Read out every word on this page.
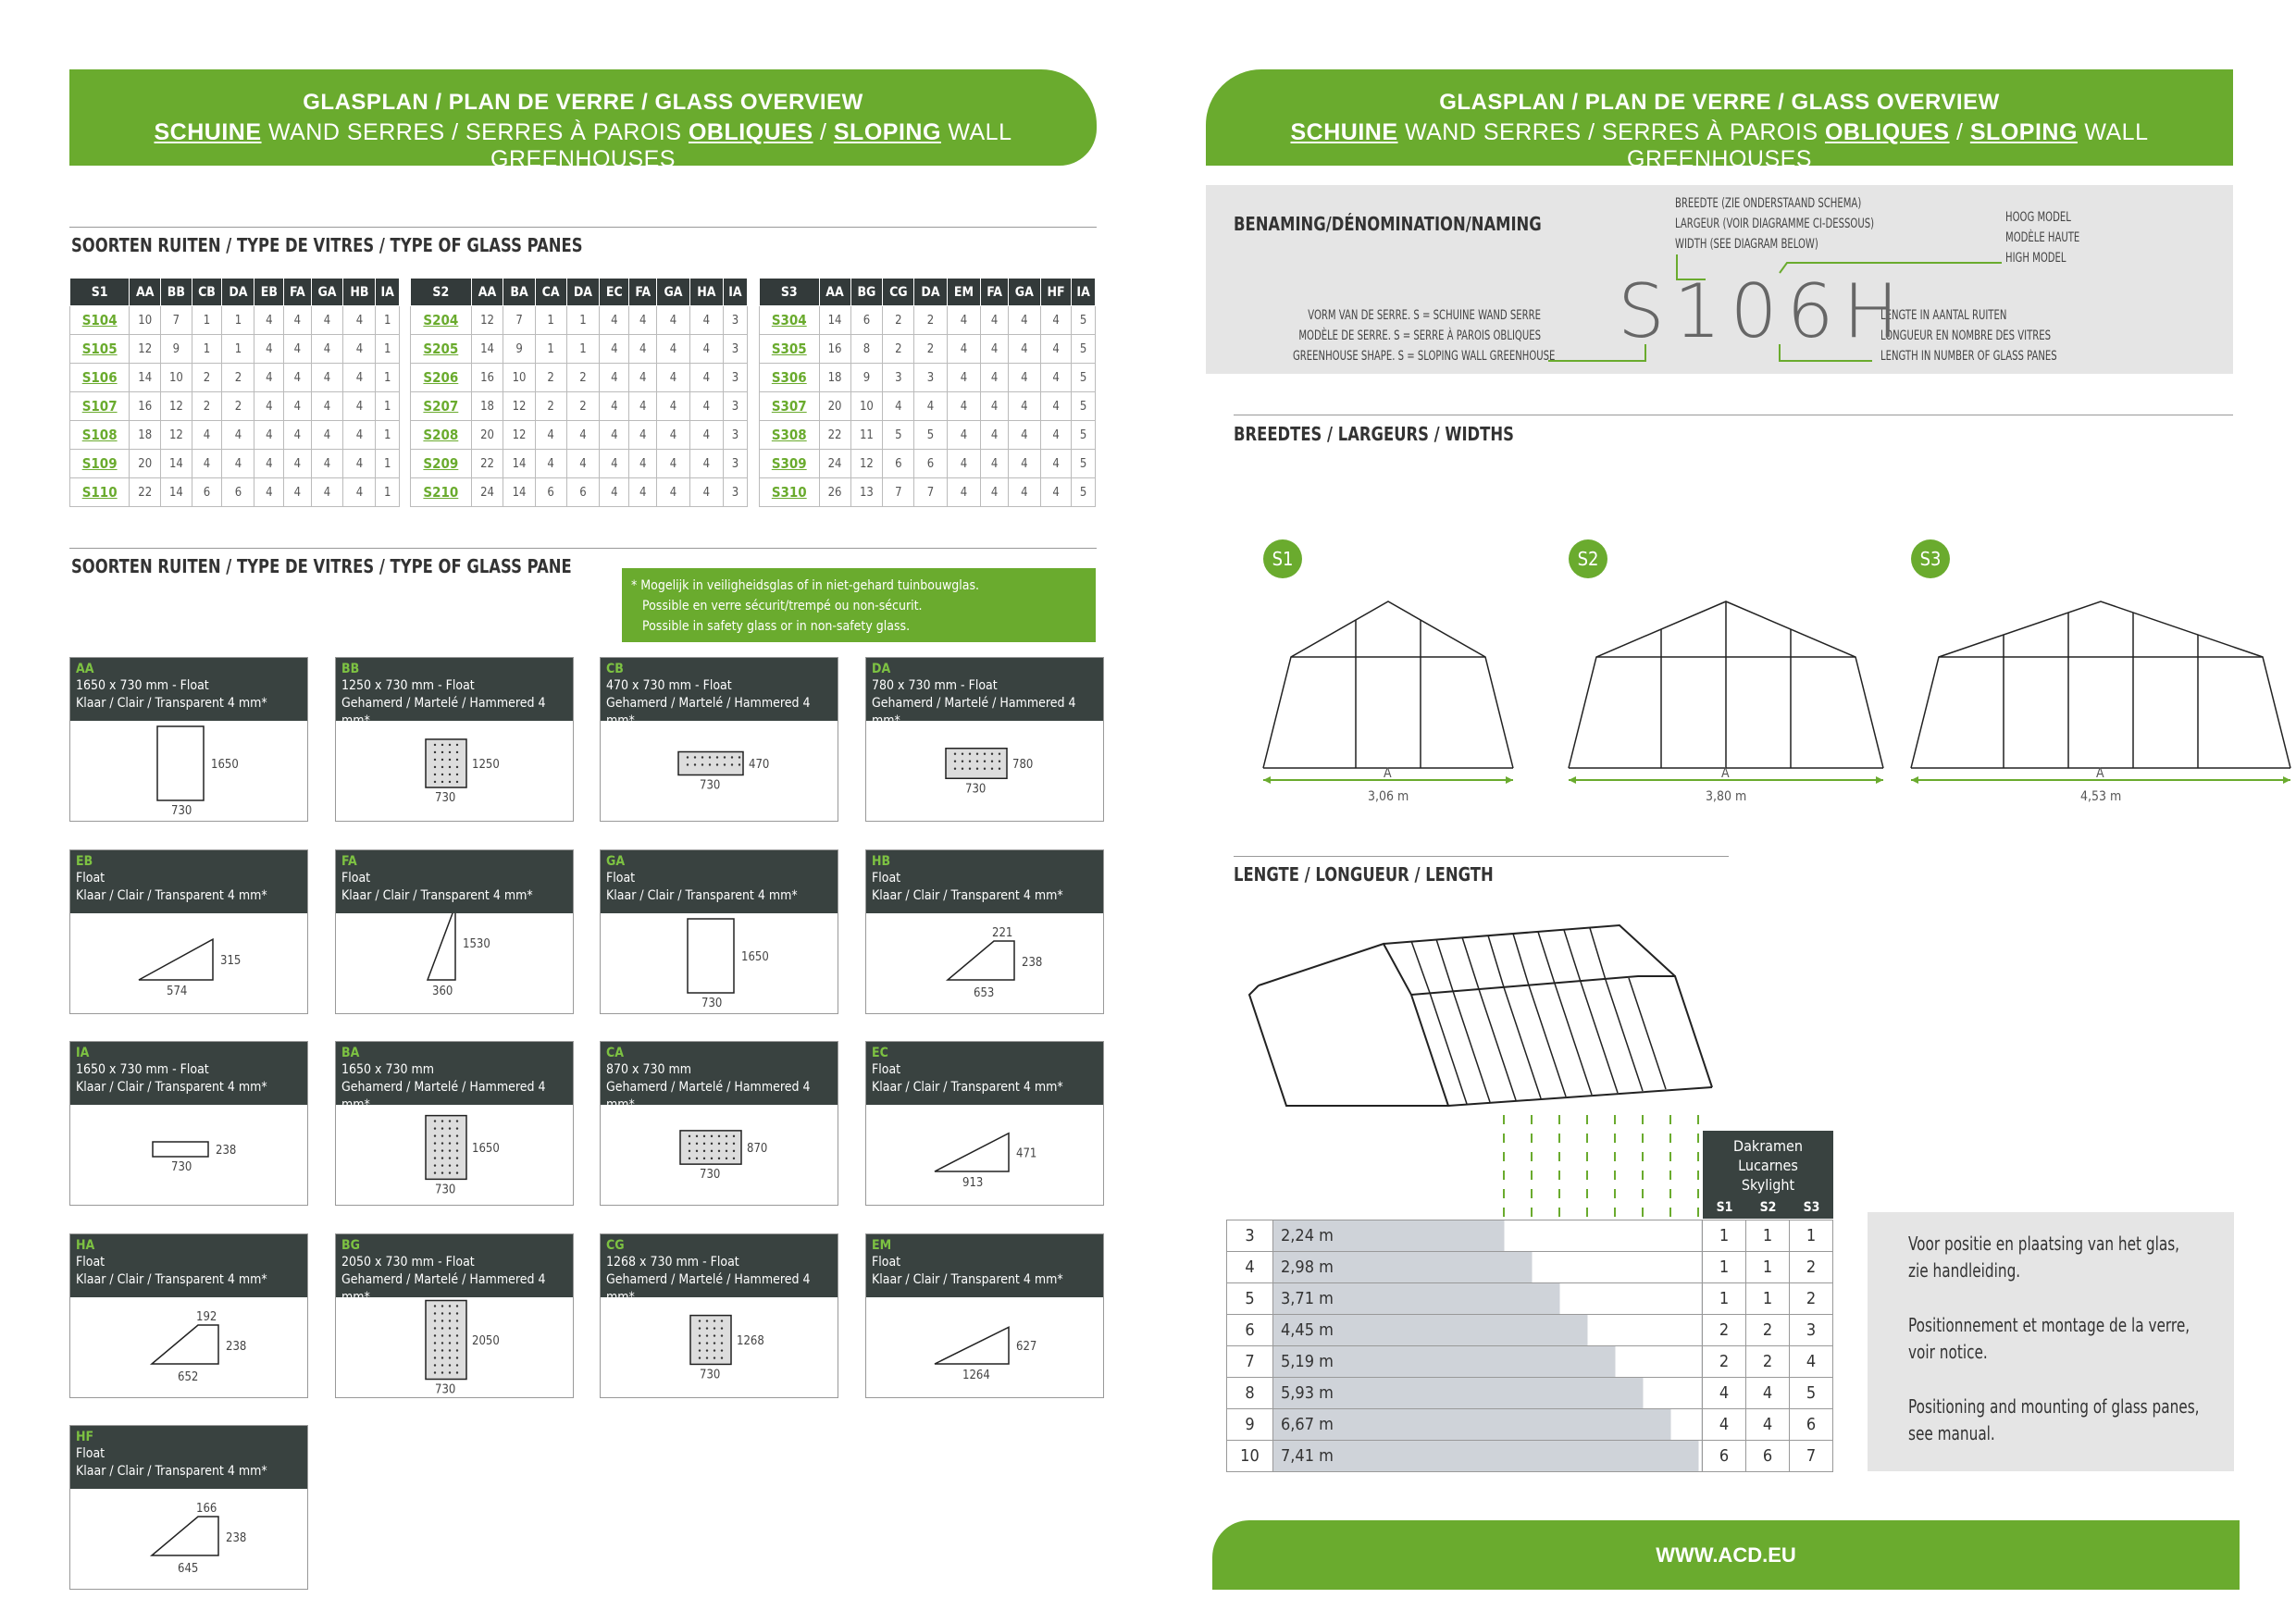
GLASPLAN / PLAN DE VERRE / GLASS OVERVIEW
SCHUINE WAND SERRES / SERRES À PAROIS OBLIQUES / SLOPING WALL GREENHOUSES
SOORTEN RUITEN / TYPE DE VITRES / TYPE OF GLASS PANES
S1	AA	BB	CB	DA	EB	FA	GA	HB	IA
S104	10	7	1	1	4	4	4	4	1
S105	12	9	1	1	4	4	4	4	1
S106	14	10	2	2	4	4	4	4	1
S107	16	12	2	2	4	4	4	4	1
S108	18	12	4	4	4	4	4	4	1
S109	20	14	4	4	4	4	4	4	1
S110	22	14	6	6	4	4	4	4	1
S2	AA	BA	CA	DA	EC	FA	GA	HA	IA
S204	12	7	1	1	4	4	4	4	3
S205	14	9	1	1	4	4	4	4	3
S206	16	10	2	2	4	4	4	4	3
S207	18	12	2	2	4	4	4	4	3
S208	20	12	4	4	4	4	4	4	3
S209	22	14	4	4	4	4	4	4	3
S210	24	14	6	6	4	4	4	4	3
S3	AA	BG	CG	DA	EM	FA	GA	HF	IA
S304	14	6	2	2	4	4	4	4	5
S305	16	8	2	2	4	4	4	4	5
S306	18	9	3	3	4	4	4	4	5
S307	20	10	4	4	4	4	4	4	5
S308	22	11	5	5	4	4	4	4	5
S309	24	12	6	6	4	4	4	4	5
S310	26	13	7	7	4	4	4	4	5
SOORTEN RUITEN / TYPE DE VITRES / TYPE OF GLASS PANE
* Mogelijk in veiligheidsglas of in niet-gehard tuinbouwglas.
Possible en verre sécurit/trempé ou non-sécurit.
Possible in safety glass or in non-safety glass.
AA
1650 x 730 mm - Float
Klaar / Clair / Transparent 4 mm*
1650
730
BB
1250 x 730 mm - Float
Gehamerd / Martelé / Hammered 4 mm*
1250
730
CB
470 x 730 mm - Float
Gehamerd / Martelé / Hammered 4 mm*
470
730
DA
780 x 730 mm - Float
Gehamerd / Martelé / Hammered 4 mm*
780
730
EB
Float
Klaar / Clair / Transparent 4 mm*
315
574
FA
Float
Klaar / Clair / Transparent 4 mm*
1530
360
GA
Float
Klaar / Clair / Transparent 4 mm*
1650
730
HB
Float
Klaar / Clair / Transparent 4 mm*
221
238
653
IA
1650 x 730 mm - Float
Klaar / Clair / Transparent 4 mm*
238
730
BA
1650 x 730 mm
Gehamerd / Martelé / Hammered 4 mm*
1650
730
CA
870 x 730 mm
Gehamerd / Martelé / Hammered 4 mm*
870
730
EC
Float
Klaar / Clair / Transparent 4 mm*
471
913
HA
Float
Klaar / Clair / Transparent 4 mm*
192
238
652
BG
2050 x 730 mm - Float
Gehamerd / Martelé / Hammered 4 mm*
2050
730
CG
1268 x 730 mm - Float
Gehamerd / Martelé / Hammered 4 mm*
1268
730
EM
Float
Klaar / Clair / Transparent 4 mm*
627
1264
HF
Float
Klaar / Clair / Transparent 4 mm*
166
238
645
GLASPLAN / PLAN DE VERRE / GLASS OVERVIEW
SCHUINE WAND SERRES / SERRES À PAROIS OBLIQUES / SLOPING WALL GREENHOUSES
BENAMING/DÉNOMINATION/NAMING
BREEDTE (ZIE ONDERSTAAND SCHEMA)
LARGEUR (VOIR DIAGRAMME CI-DESSOUS)
WIDTH (SEE DIAGRAM BELOW)
HOOG MODEL
MODÈLE HAUTE
HIGH MODEL
VORM VAN DE SERRE. S = SCHUINE WAND SERRE
MODÈLE DE SERRE. S = SERRE À PAROIS OBLIQUES
GREENHOUSE SHAPE. S = SLOPING WALL GREENHOUSE
LENGTE IN AANTAL RUITEN
LONGUEUR EN NOMBRE DES VITRES
LENGTH IN NUMBER OF GLASS PANES
S106H
BREEDTES / LARGEURS / WIDTHS
S1
A
3,06 m
S2
A
3,80 m
S3
A
4,53 m
LENGTE / LONGUEUR / LENGTH
Dakramen
Lucarnes
Skylight
S1	S2	S3
3	2,24 m	1	1	1
4	2,98 m	1	1	2
5	3,71 m	1	1	2
6	4,45 m	2	2	3
7	5,19 m	2	2	4
8	5,93 m	4	4	5
9	6,67 m	4	4	6
10	7,41 m	6	6	7
Voor positie en plaatsing van het glas,
zie handleiding.
Positionnement et montage de la verre,
voir notice.
Positioning and mounting of glass panes,
see manual.
WWW.ACD.EU
